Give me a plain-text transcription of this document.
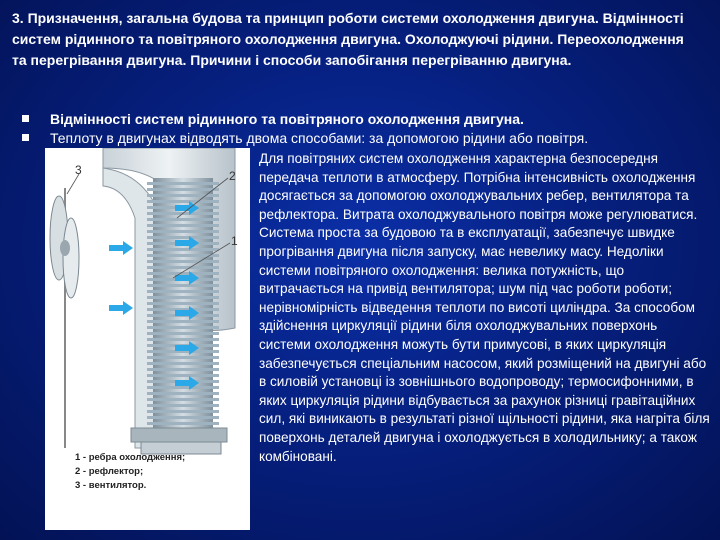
3. Призначення, загальна будова та принцип роботи системи охолодження двигуна. Відмінності систем рідинного та повітряного охолодження двигуна. Охолоджуючі рідини. Переохолодження та перегрівання двигуна. Причини і способи запобігання перегріванню двигуна.
Відмінності систем рідинного та повітряного охолодження двигуна.
Теплоту в двигунах відводять двома способами: за допомогою рідини або повітря.
3	2
1
1 - ребра охолодження;
2 - рефлектор;
3 - вентилятор.
Для повітряних систем охолодження характерна безпосередня передача теплоти в атмосферу. Потрібна інтенсивність охолодження досягається за допомогою охолоджувальних ребер, вентилятора та рефлектора. Витрата охолоджувального повітря може регулюватися. Система проста за будовою та в експлуатації, забезпечує швидке прогрівання двигуна після запуску, має невелику масу. Недоліки системи повітряного охолодження: велика потужність, що витрачається на привід вентилятора; шум під час роботи роботи; нерівномірність відведення теплоти по висоті циліндра. За способом здійснення циркуляції рідини біля охолоджувальних поверхонь системи охолодження можуть бути примусові, в яких циркуляція забезпечується спеціальним насосом, який розміщений на двигуні або в силовій установці із зовнішнього водопроводу; термосифонними, в яких циркуляція рідини відбувається за рахунок різниці гравітаційних сил, які виникають в результаті різної щільності рідини, яка нагріта біля поверхонь деталей двигуна і охолоджується в холодильнику; а також комбіновані.
